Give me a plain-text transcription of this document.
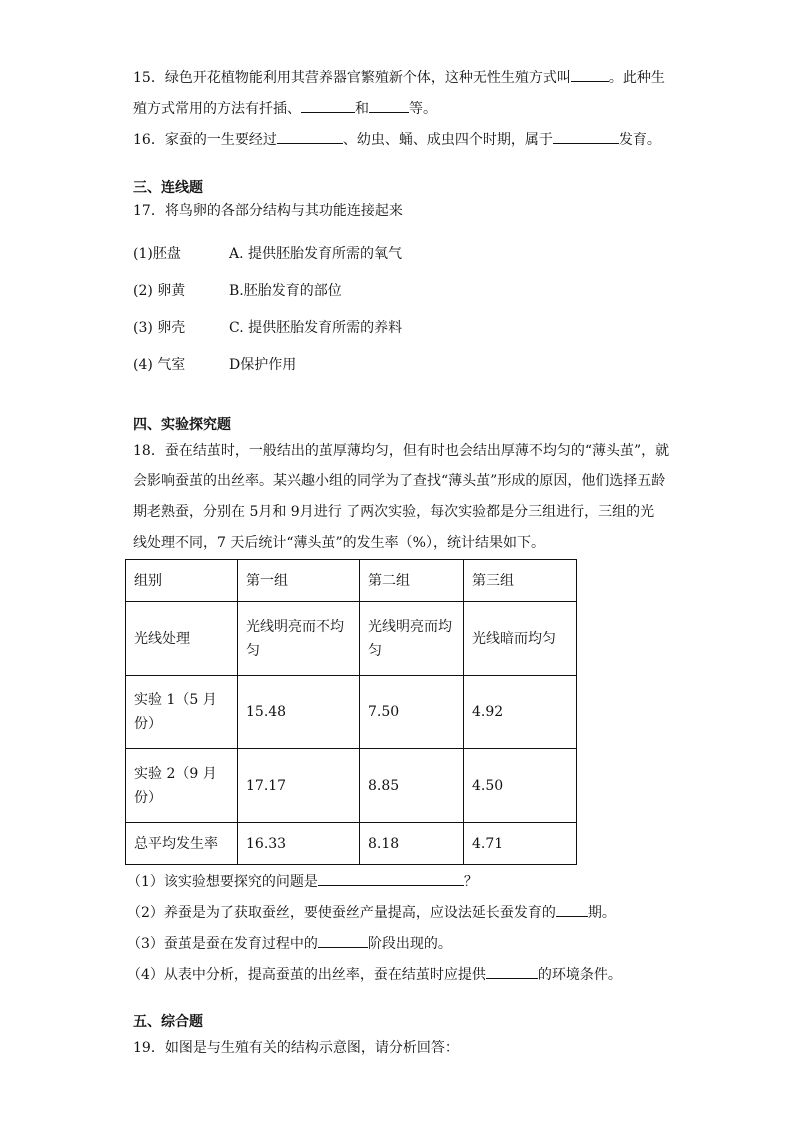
15．绿色开花植物能利用其营养器官繁殖新个体，这种无性生殖方式叫	。此种生
殖方式常用的方法有扦插、	和	等。
16．家蚕的一生要经过	、幼虫、蛹、成虫四个时期，属于	发育。
三、连线题
17．将鸟卵的各部分结构与其功能连接起来
(1)胚盘	A. 提供胚胎发育所需的氧气
(2) 卵黄	B.胚胎发育的部位
(3) 卵壳	C. 提供胚胎发育所需的养料
(4) 气室	D保护作用
四、实验探究题
18．蚕在结茧时，一般结出的茧厚薄均匀，但有时也会结出厚薄不均匀的“薄头茧”，就
会影响蚕茧的出丝率。某兴趣小组的同学为了查找“薄头茧”形成的原因，他们选择五龄
期老熟蚕，分别在 5月和 9月进行 了两次实验，每次实验都是分三组进行，三组的光
线处理不同，7 天后统计“薄头茧”的发生率（%），统计结果如下。
组别	第一组	第二组	第三组
光线处理	光线明亮而不均匀	光线明亮而均匀	光线暗而均匀
实验 1（5 月份）	15.48	7.50	4.92
实验 2（9 月份）	17.17	8.85	4.50
总平均发生率	16.33	8.18	4.71
（1）该实验想要探究的问题是	？
（2）养蚕是为了获取蚕丝，要使蚕丝产量提高，应设法延长蚕发育的 期。
（3）蚕茧是蚕在发育过程中的	阶段出现的。
（4）从表中分析，提高蚕茧的出丝率，蚕在结茧时应提供	的环境条件。
五、综合题
19．如图是与生殖有关的结构示意图，请分析回答：
